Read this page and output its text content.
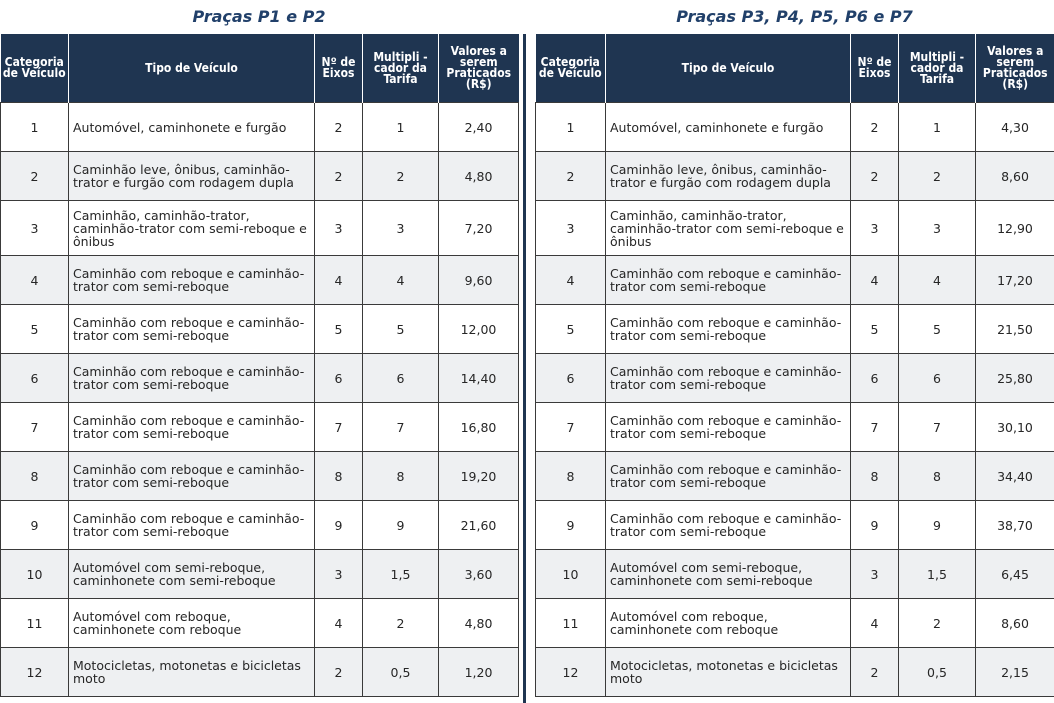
Praças P1 e P2
Categoria de Veículo	Tipo de Veículo	Nº de Eixos	Multipli - cador da Tarifa	Valores a serem Praticados (R$)
1	Automóvel, caminhonete e furgão	2	1	2,40
2	Caminhão leve, ônibus, caminhão-trator e furgão com rodagem dupla	2	2	4,80
3	Caminhão, caminhão-trator, caminhão-trator com semi-reboque e ônibus	3	3	7,20
4	Caminhão com reboque e caminhão-trator com semi-reboque	4	4	9,60
5	Caminhão com reboque e caminhão-trator com semi-reboque	5	5	12,00
6	Caminhão com reboque e caminhão-trator com semi-reboque	6	6	14,40
7	Caminhão com reboque e caminhão-trator com semi-reboque	7	7	16,80
8	Caminhão com reboque e caminhão-trator com semi-reboque	8	8	19,20
9	Caminhão com reboque e caminhão-trator com semi-reboque	9	9	21,60
10	Automóvel com semi-reboque, caminhonete com semi-reboque	3	1,5	3,60
11	Automóvel com reboque, caminhonete com reboque	4	2	4,80
12	Motocicletas, motonetas e bicicletas moto	2	0,5	1,20
Praças P3, P4, P5, P6 e P7
Categoria de Veículo	Tipo de Veículo	Nº de Eixos	Multipli - cador da Tarifa	Valores a serem Praticados (R$)
1	Automóvel, caminhonete e furgão	2	1	4,30
2	Caminhão leve, ônibus, caminhão-trator e furgão com rodagem dupla	2	2	8,60
3	Caminhão, caminhão-trator, caminhão-trator com semi-reboque e ônibus	3	3	12,90
4	Caminhão com reboque e caminhão-trator com semi-reboque	4	4	17,20
5	Caminhão com reboque e caminhão-trator com semi-reboque	5	5	21,50
6	Caminhão com reboque e caminhão-trator com semi-reboque	6	6	25,80
7	Caminhão com reboque e caminhão-trator com semi-reboque	7	7	30,10
8	Caminhão com reboque e caminhão-trator com semi-reboque	8	8	34,40
9	Caminhão com reboque e caminhão-trator com semi-reboque	9	9	38,70
10	Automóvel com semi-reboque, caminhonete com semi-reboque	3	1,5	6,45
11	Automóvel com reboque, caminhonete com reboque	4	2	8,60
12	Motocicletas, motonetas e bicicletas moto	2	0,5	2,15
